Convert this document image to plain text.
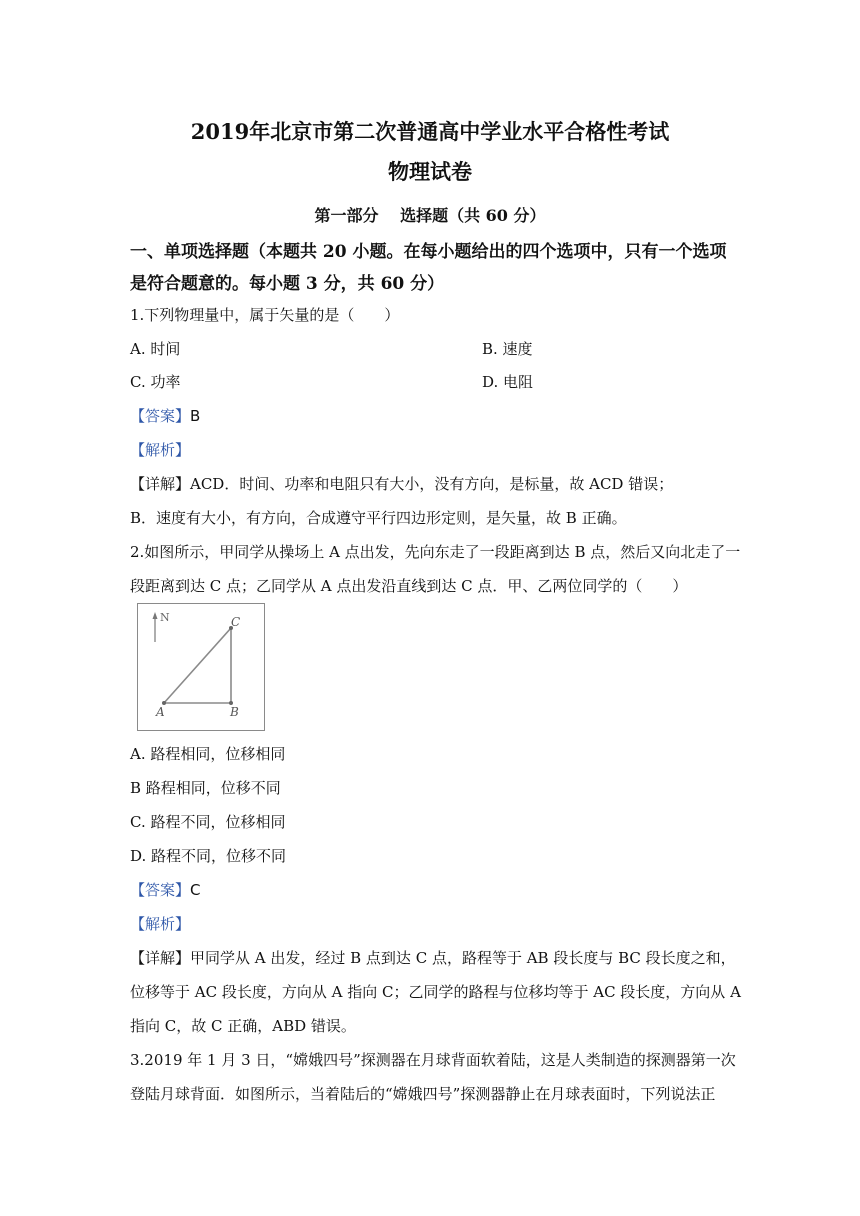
2019年北京市第二次普通高中学业水平合格性考试
物理试卷
第一部分　 选择题（共 60 分）
一、单项选择题（本题共 20 小题。在每小题给出的四个选项中，只有一个选项
是符合题意的。每小题 3 分，共 60 分）
1.下列物理量中，属于矢量的是（　　）
A. 时间	B. 速度
C. 功率	D. 电阻
【答案】B
【解析】
【详解】ACD．时间、功率和电阻只有大小，没有方向，是标量，故 ACD 错误；
B．速度有大小，有方向，合成遵守平行四边形定则，是矢量，故 B 正确。
2.如图所示，甲同学从操场上 A 点出发，先向东走了一段距离到达 B 点，然后又向北走了一
段距离到达 C 点；乙同学从 A 点出发沿直线到达 C 点．甲、乙两位同学的（　　）
N
A	B
C
A. 路程相同，位移相同
B 路程相同，位移不同
C. 路程不同，位移相同
D. 路程不同，位移不同
【答案】C
【解析】
【详解】甲同学从 A 出发，经过 B 点到达 C 点，路程等于 AB 段长度与 BC 段长度之和，
位移等于 AC 段长度，方向从 A 指向 C；乙同学的路程与位移均等于 AC 段长度，方向从 A
指向 C，故 C 正确，ABD 错误。
3.2019 年 1 月 3 日，“嫦娥四号”探测器在月球背面软着陆，这是人类制造的探测器第一次
登陆月球背面．如图所示，当着陆后的“嫦娥四号”探测器静止在月球表面时，下列说法正
